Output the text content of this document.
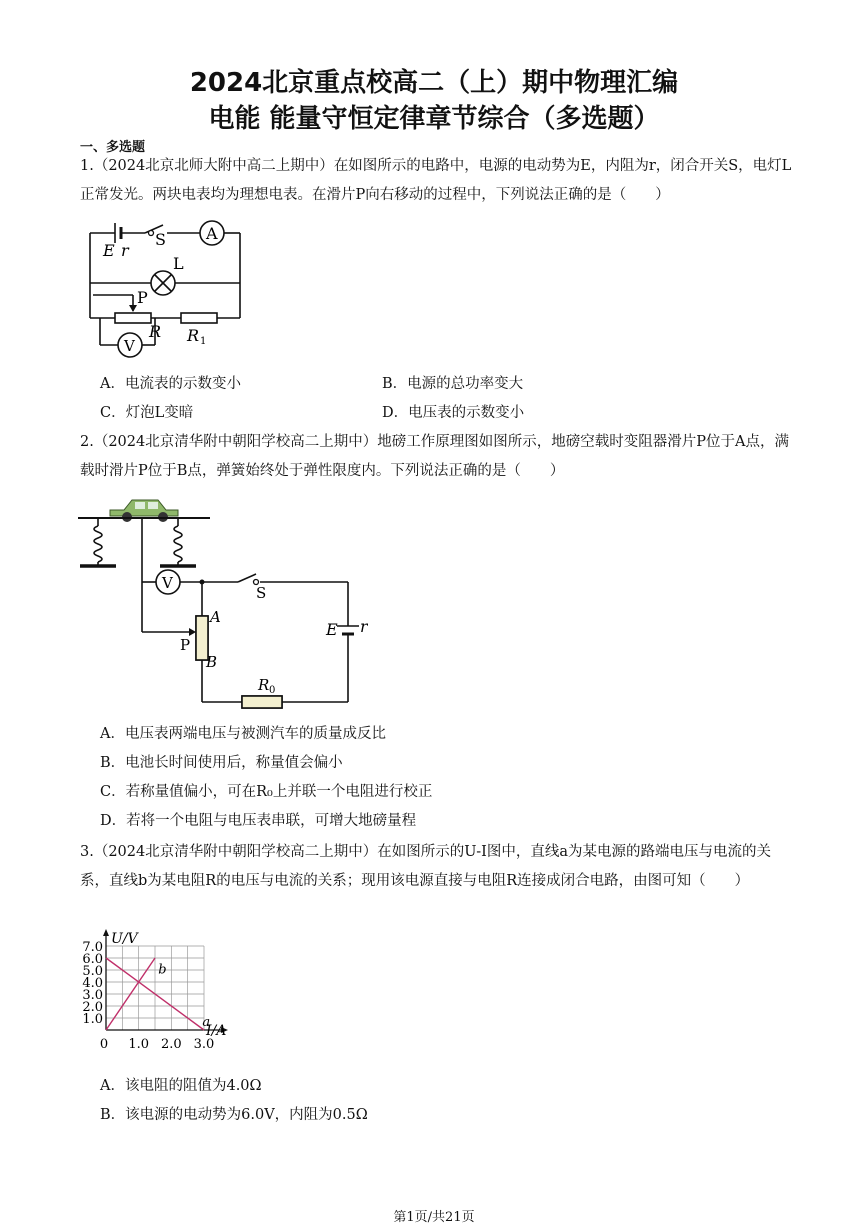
2024北京重点校高二（上）期中物理汇编
电能 能量守恒定律章节综合（多选题）
一、多选题
1.（2024北京北师大附中高二上期中）在如图所示的电路中，电源的电动势为E，内阻为r，闭合开关S，电灯L正常发光。两块电表均为理想电表。在滑片P向右移动的过程中，下列说法正确的是（　　）
E r
S	A
L
P
R R 1
V
A．电流表的示数变小	B．电源的总功率变大
C．灯泡L变暗	D．电压表的示数变小
2.（2024北京清华附中朝阳学校高二上期中）地磅工作原理图如图所示，地磅空载时变阻器滑片P位于A点，满载时滑片P位于B点，弹簧始终处于弹性限度内。下列说法正确的是（　　）
V
S
A
P
B
E r
R 0
A．电压表两端电压与被测汽车的质量成反比
B．电池长时间使用后，称量值会偏小
C．若称量值偏小，可在R₀上并联一个电阻进行校正
D．若将一个电阻与电压表串联，可增大地磅量程
3.（2024北京清华附中朝阳学校高二上期中）在如图所示的U-I图中，直线a为某电源的路端电压与电流的关系，直线b为某电阻R的电压与电流的关系；现用该电源直接与电阻R连接成闭合电路，由图可知（　　）
a
b
1.0
2.0
3.0
4.0
5.0
6.0
7.0
0 1.0 2.0 3.0
U/V
I/A
A．该电阻的阻值为4.0Ω
B．该电源的电动势为6.0V，内阻为0.5Ω
第1页/共21页
